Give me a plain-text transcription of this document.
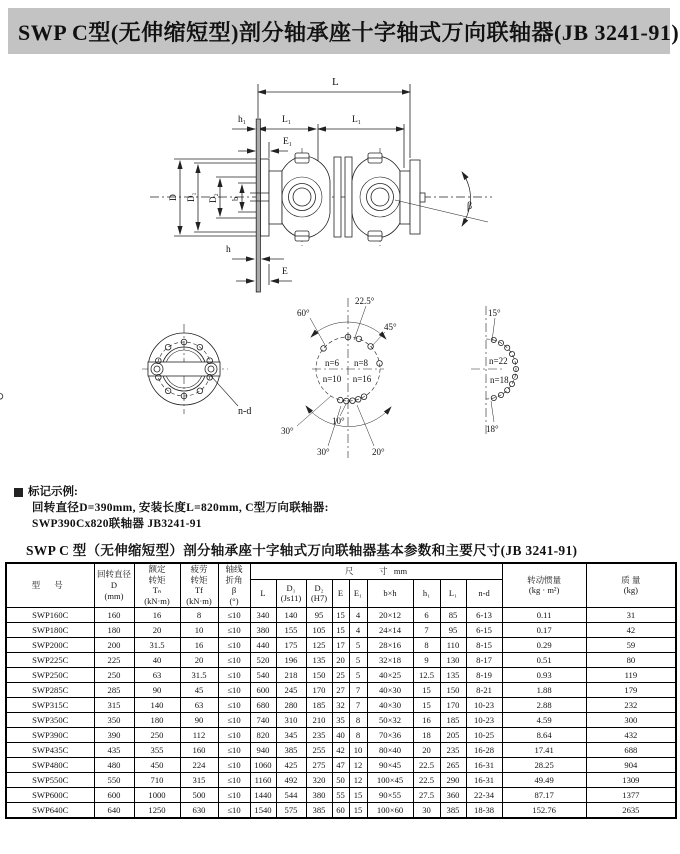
SWP C型(无伸缩短型)剖分轴承座十字轴式万向联轴器(JB 3241-91)
L
h₁	L₁	L₁
E₁
D D₁ D₂ b
β
h
E
n-d
22.5°
60°
45°
n=6 n=8
n=10 n=16
30°
10°
30°	20°
15°
n=22
n=18
18°
标记示例:
回转直径D=390mm, 安装长度L=820mm, C型万向联轴器:
SWP390Cx820联轴器 JB3241-91
SWP C 型（无伸缩短型）剖分轴承座十字轴式万向联轴器基本参数和主要尺寸(JB 3241-91)
型 号	
回转直径
D
(mm)

额定
转矩
Tₙ
(kN·m)

疲劳
转矩
Tf
(kN·m)

轴线
折角
β
(°)
	尺            寸   mm	
转动惯量
(kg · m²)

质 量
(kg)

L	
D₁
(Js11)

D₂
(H7)
	E	E₁	b×h	h₁	L₁	n-d
SWP160C	160	16	8	≤10	340	140	95	15	4	20×12	6	85	6-13	0.11	31
SWP180C	180	20	10	≤10	380	155	105	15	4	24×14	7	95	6-15	0.17	42
SWP200C	200	31.5	16	≤10	440	175	125	17	5	28×16	8	110	8-15	0.29	59
SWP225C	225	40	20	≤10	520	196	135	20	5	32×18	9	130	8-17	0.51	80
SWP250C	250	63	31.5	≤10	540	218	150	25	5	40×25	12.5	135	8-19	0.93	119
SWP285C	285	90	45	≤10	600	245	170	27	7	40×30	15	150	8-21	1.88	179
SWP315C	315	140	63	≤10	680	280	185	32	7	40×30	15	170	10-23	2.88	232
SWP350C	350	180	90	≤10	740	310	210	35	8	50×32	16	185	10-23	4.59	300
SWP390C	390	250	112	≤10	820	345	235	40	8	70×36	18	205	10-25	8.64	432
SWP435C	435	355	160	≤10	940	385	255	42	10	80×40	20	235	16-28	17.41	688
SWP480C	480	450	224	≤10	1060	425	275	47	12	90×45	22.5	265	16-31	28.25	904
SWP550C	550	710	315	≤10	1160	492	320	50	12	100×45	22.5	290	16-31	49.49	1309
SWP600C	600	1000	500	≤10	1440	544	380	55	15	90×55	27.5	360	22-34	87.17	1377
SWP640C	640	1250	630	≤10	1540	575	385	60	15	100×60	30	385	18-38	152.76	2635
